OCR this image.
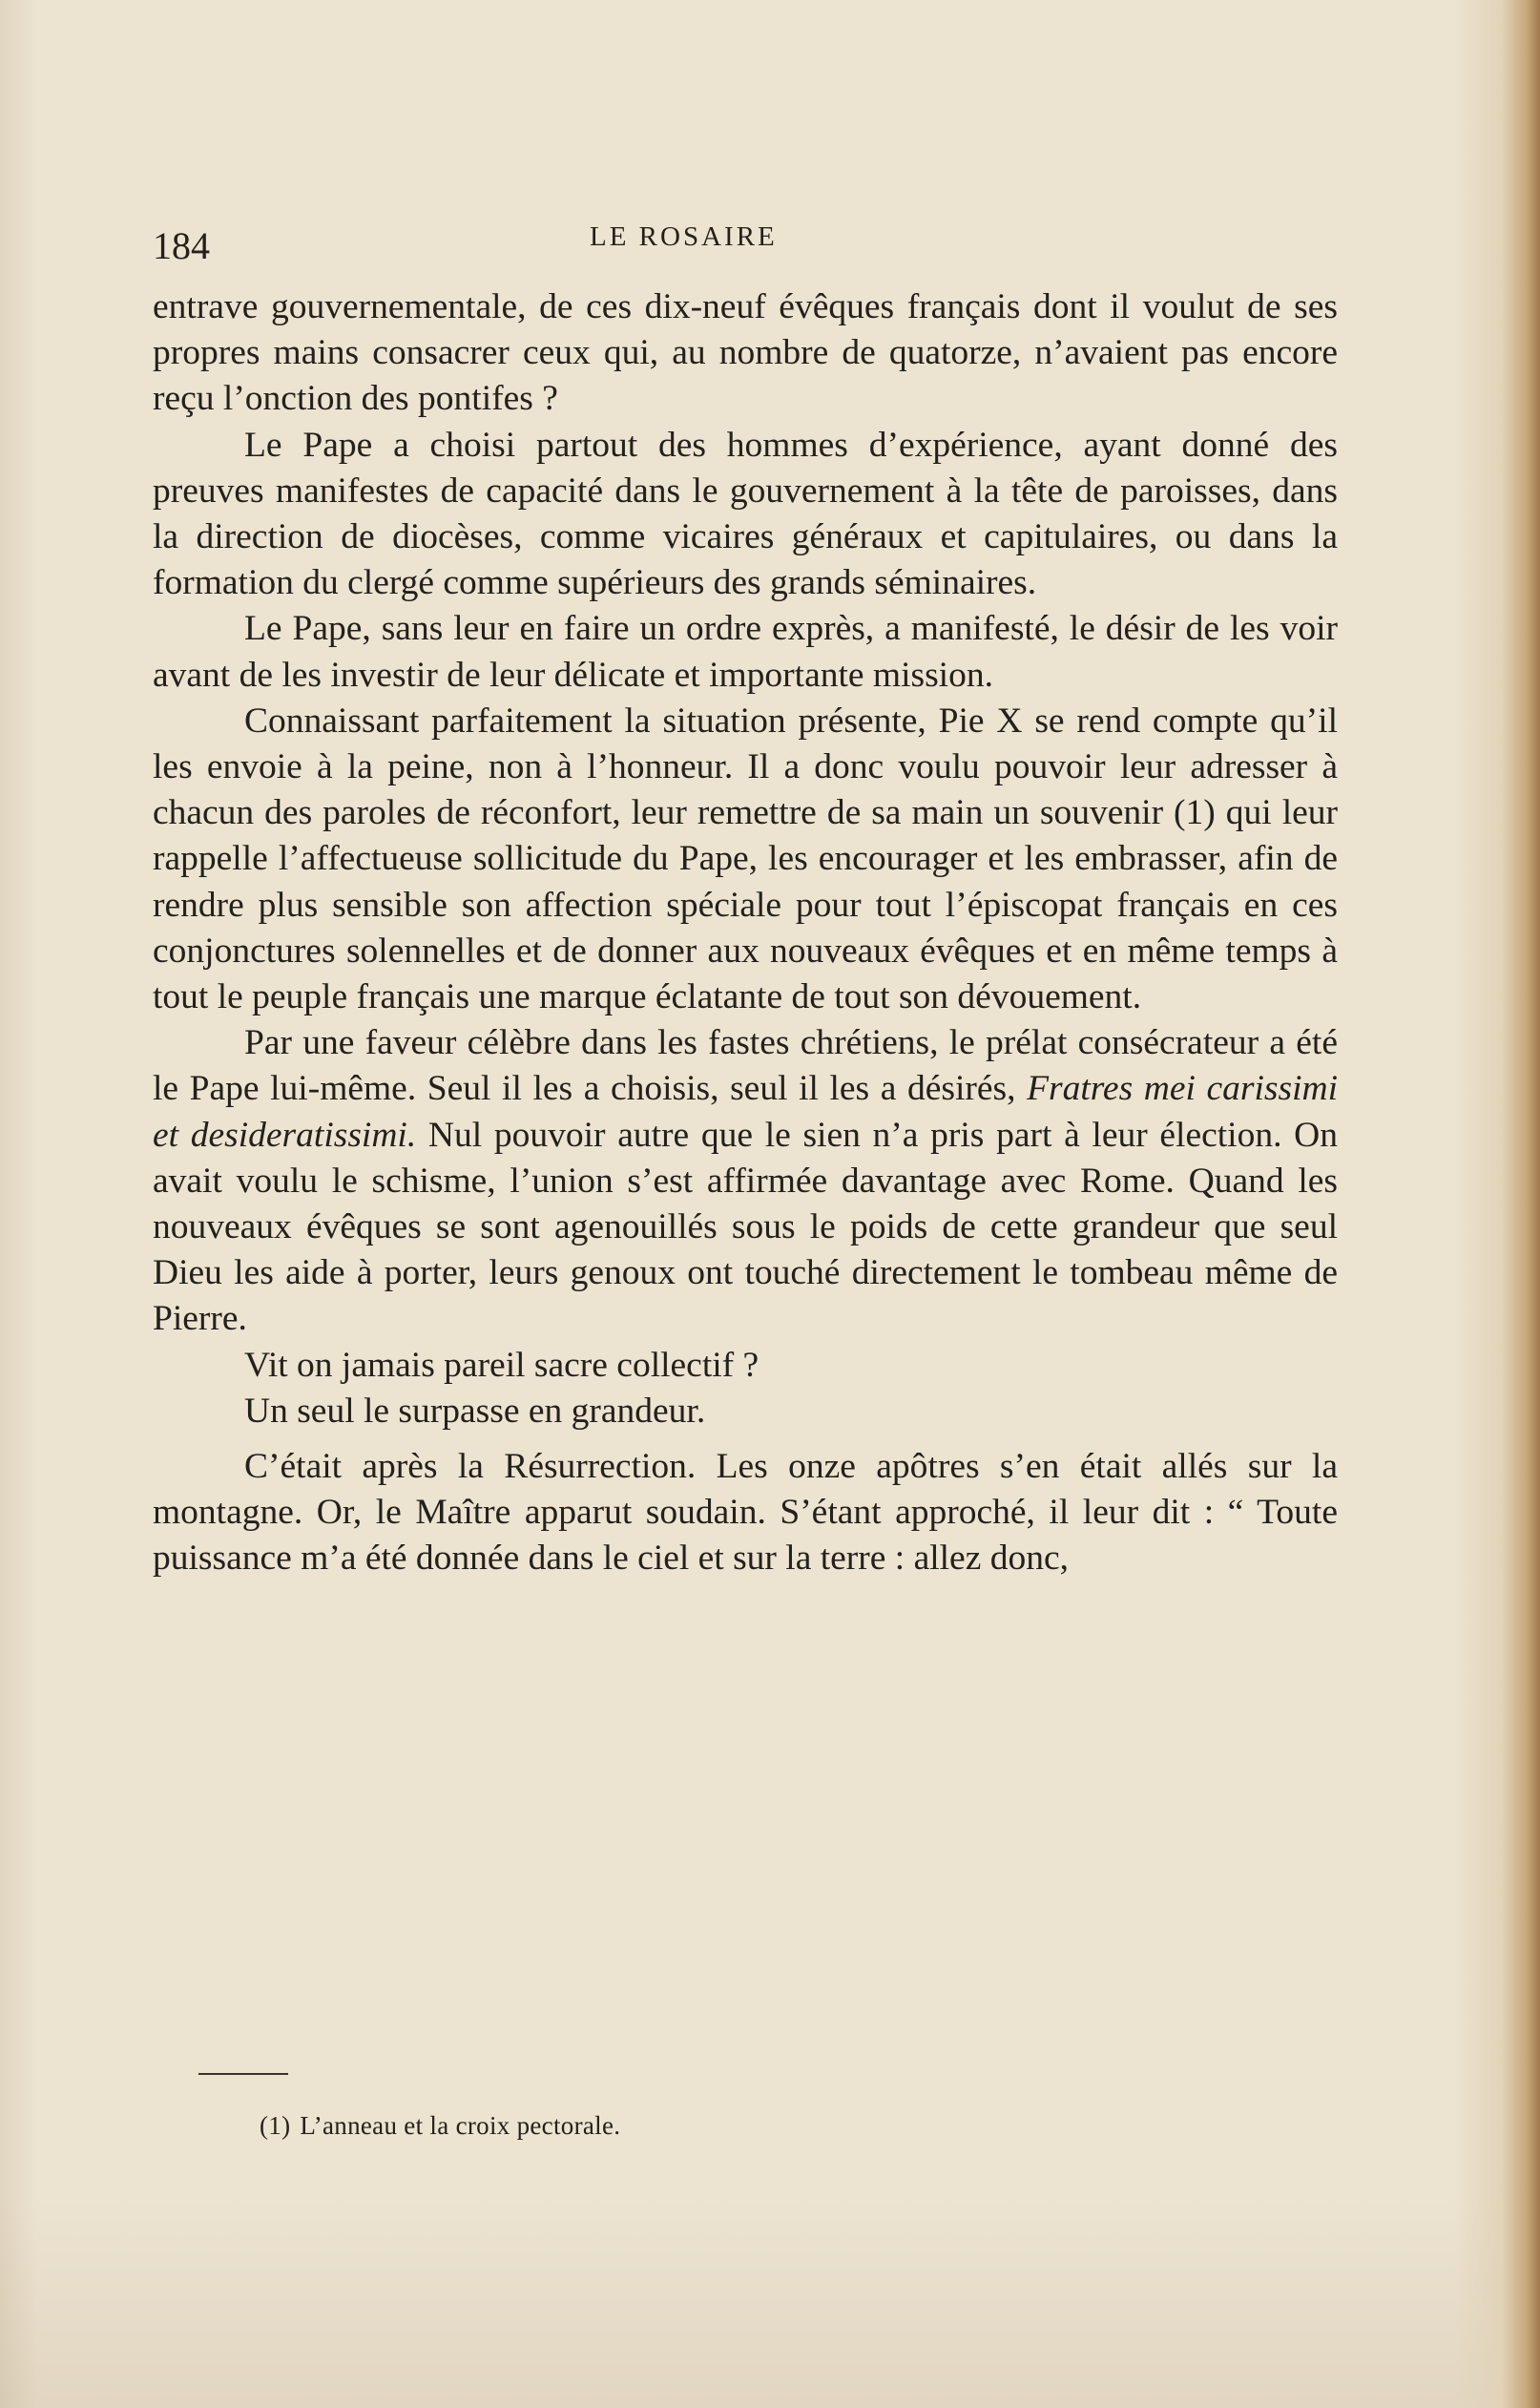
184	LE ROSAIRE

entrave gouvernementale, de ces dix-neuf évêques français dont il voulut de ses propres mains consacrer ceux qui, au nombre de quatorze, n’avaient pas encore reçu l’onction des pontifes ?

Le Pape a choisi partout des hommes d’expérience, ayant donné des preuves manifestes de capacité dans le gouvernement à la tête de paroisses, dans la direction de diocèses, comme vicaires généraux et capitulaires, ou dans la formation du clergé comme supérieurs des grands séminaires.

Le Pape, sans leur en faire un ordre exprès, a manifesté, le désir de les voir avant de les investir de leur délicate et importante mission.

Connaissant parfaitement la situation présente, Pie X se rend compte qu’il les envoie à la peine, non à l’honneur. Il a donc voulu pouvoir leur adresser à chacun des paroles de réconfort, leur remettre de sa main un souvenir (1) qui leur rappelle l’affectueuse sollicitude du Pape, les encourager et les embrasser, afin de rendre plus sensible son affection spéciale pour tout l’épiscopat français en ces conjonctures solennelles et de donner aux nouveaux évêques et en même temps à tout le peuple français une marque éclatante de tout son dévouement.

Par une faveur célèbre dans les fastes chrétiens, le prélat consécrateur a été le Pape lui-même. Seul il les a choisis, seul il les a désirés, Fratres mei carissimi et desideratissimi. Nul pouvoir autre que le sien n’a pris part à leur élection. On avait voulu le schisme, l’union s’est affirmée davantage avec Rome. Quand les nouveaux évêques se sont agenouillés sous le poids de cette grandeur que seul Dieu les aide à porter, leurs genoux ont touché directement le tombeau même de Pierre.

Vit on jamais pareil sacre collectif ?

Un seul le surpasse en grandeur.

C’était après la Résurrection. Les onze apôtres s’en était allés sur la montagne. Or, le Maître apparut soudain. S’étant approché, il leur dit : “ Toute puissance m’a été donnée dans le ciel et sur la terre : allez donc,

(1) L’anneau et la croix pectorale.
